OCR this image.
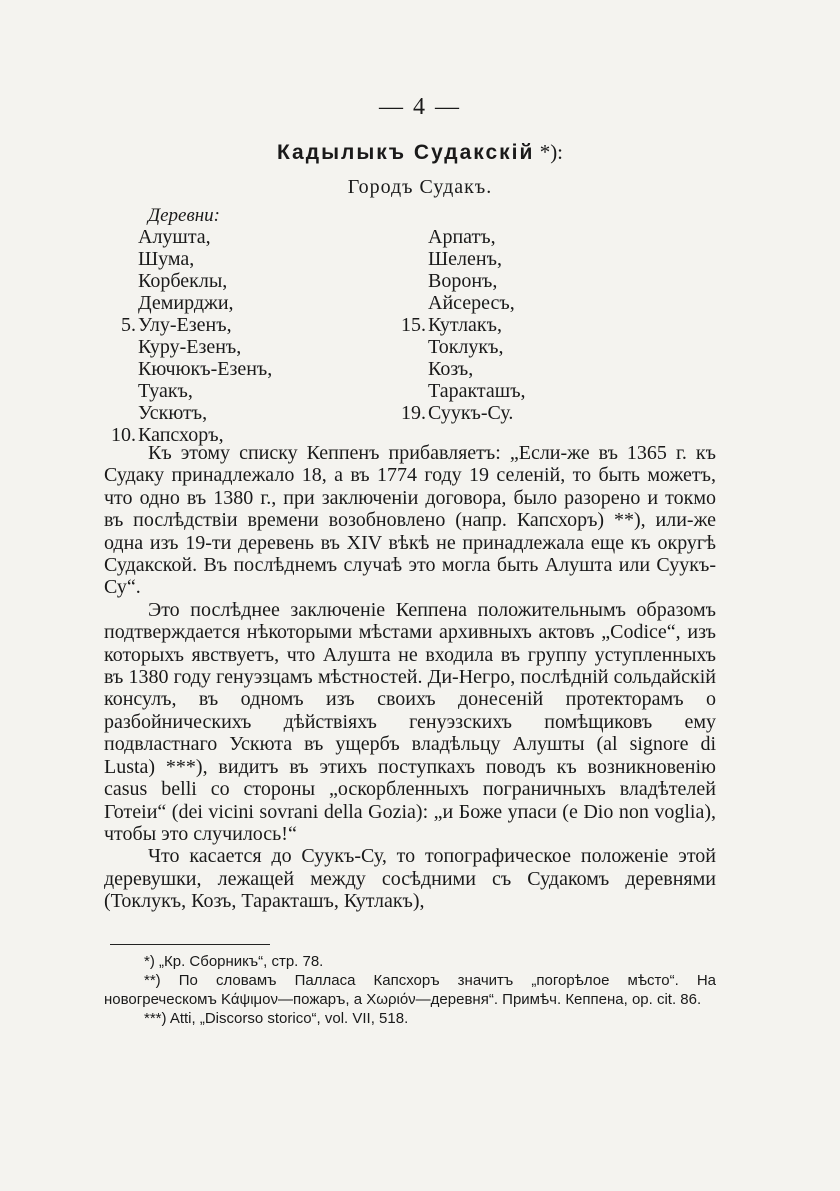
— 4 —
Кадылыкъ Судакскій *):
Городъ Судакъ.
Деревни:
Алушта,
Шума,
Корбеклы,
Демирджи,
5. Улу-Езенъ,
Куру-Езенъ,
Кючюкъ-Езенъ,
Туакъ,
Ускютъ,
10. Капсхоръ,
Арпатъ,
Шеленъ,
Воронъ,
Айсересъ,
15. Кутлакъ,
Токлукъ,
Козъ,
Таракташъ,
19. Суукъ-Су.

Къ этому списку Кеппенъ прибавляетъ: „Если-же въ 1365 г. къ Судаку принадлежало 18, а въ 1774 году 19 селеній, то быть можетъ, что одно въ 1380 г., при заключеніи договора, было разорено и токмо въ послѣдствіи времени возобновлено (напр. Капсхоръ) **), или-же одна изъ 19-ти деревень въ XIV вѣкѣ не принадлежала еще къ округѣ Судакской. Въ послѣднемъ случаѣ это могла быть Алушта или Суукъ-Су“.

Это послѣднее заключеніе Кеппена положительнымъ образомъ подтверждается нѣкоторыми мѣстами архивныхъ актовъ „Codice“, изъ которыхъ явствуетъ, что Алушта не входила въ группу уступленныхъ въ 1380 году генуэзцамъ мѣстностей. Ди-Негро, послѣдній сольдайскій консулъ, въ одномъ изъ своихъ донесеній протекторамъ о разбойническихъ дѣйствіяхъ генуэзскихъ помѣщиковъ ему подвластнаго Ускюта въ ущербъ владѣльцу Алушты (al signore di Lusta) ***), видитъ въ этихъ поступкахъ поводъ къ возникновенію casus belli со стороны „оскорбленныхъ пограничныхъ владѣтелей Готеіи“ (dei vicini sovrani della Gozia): „и Боже упаси (e Dio non voglia), чтобы это случилось!“

Что касается до Суукъ-Су, то топографическое положеніе этой деревушки, лежащей между сосѣдними съ Судакомъ деревнями (Токлукъ, Козъ, Таракташъ, Кутлакъ),

*) „Кр. Сборникъ“, стр. 78.

**) По словамъ Палласа Капсхоръ значитъ „погорѣлое мѣсто“. На новогреческомъ Κάψιμον—пожаръ, а Χωριόν—деревня“. Примѣч. Кеппена, op. cit. 86.

***) Atti, „Discorso storico“, vol. VII, 518.
